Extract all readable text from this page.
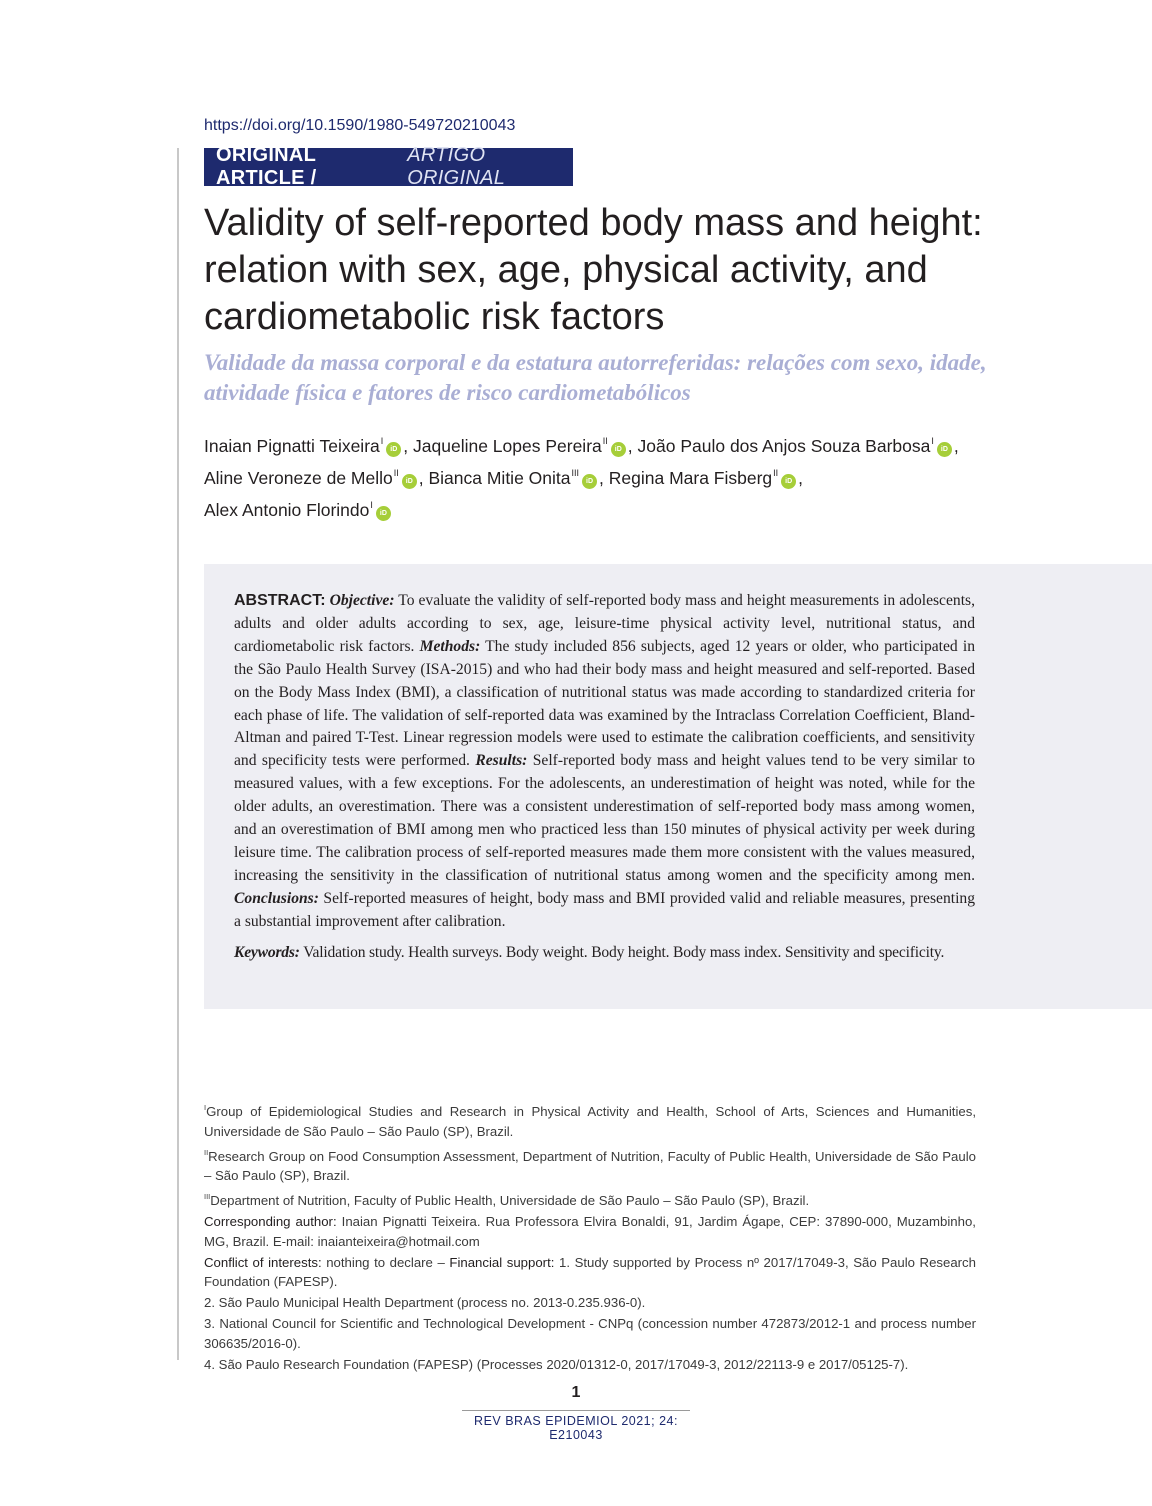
https://doi.org/10.1590/1980-549720210043
ORIGINAL ARTICLE /
ARTIGO ORIGINAL
Validity of self-reported body mass and height: relation with sex, age, physical activity, and cardiometabolic risk factors
Validade da massa corporal e da estatura autorreferidas: relações com sexo, idade, atividade física e fatores de risco cardiometabólicos
Inaian Pignatti Teixeira$^I$iD , Jaqueline Lopes Pereira$^{II}$iD , João Paulo dos Anjos Souza Barbosa$^I$iD ,
Aline Veroneze de Mello$^{II}$iD , Bianca Mitie Onita$^{III}$iD , Regina Mara Fisberg$^{II}$iD , Alex Antonio Florindo$^I$iD

ABSTRACT: Objective: To evaluate the validity of self-reported body mass and height measurements in adolescents, adults and older adults according to sex, age, leisure-time physical activity level, nutritional status, and cardiometabolic risk factors. Methods: The study included 856 subjects, aged 12 years or older, who participated in the São Paulo Health Survey (ISA-2015) and who had their body mass and height measured and self-reported. Based on the Body Mass Index (BMI), a classification of nutritional status was made according to standardized criteria for each phase of life. The validation of self-reported data was examined by the Intraclass Correlation Coefficient, Bland-Altman and paired T-Test. Linear regression models were used to estimate the calibration coefficients, and sensitivity and specificity tests were performed. Results: Self-reported body mass and height values tend to be very similar to measured values, with a few exceptions. For the adolescents, an underestimation of height was noted, while for the older adults, an overestimation. There was a consistent underestimation of self-reported body mass among women, and an overestimation of BMI among men who practiced less than 150 minutes of physical activity per week during leisure time. The calibration process of self-reported measures made them more consistent with the values measured, increasing the sensitivity in the classification of nutritional status among women and the specificity among men. Conclusions: Self-reported measures of height, body mass and BMI provided valid and reliable measures, presenting a substantial improvement after calibration.

Keywords: Validation study. Health surveys. Body weight. Body height. Body mass index. Sensitivity and specificity.

$^I$Group of Epidemiological Studies and Research in Physical Activity and Health, School of Arts, Sciences and Humanities, Universidade de São Paulo – São Paulo (SP), Brazil.

$^{II}$Research Group on Food Consumption Assessment, Department of Nutrition, Faculty of Public Health, Universidade de São Paulo – São Paulo (SP), Brazil.

$^{III}$Department of Nutrition, Faculty of Public Health, Universidade de São Paulo – São Paulo (SP), Brazil.

Corresponding author: Inaian Pignatti Teixeira. Rua Professora Elvira Bonaldi, 91, Jardim Ágape, CEP: 37890-000, Muzambinho, MG, Brazil. E-mail: inaianteixeira@hotmail.com

Conflict of interests: nothing to declare – Financial support: 1. Study supported by Process nº 2017/17049-3, São Paulo Research Foundation (FAPESP).

2. São Paulo Municipal Health Department (process no. 2013-0.235.936-0).

3. National Council for Scientific and Technological Development - CNPq (concession number 472873/2012-1 and process number 306635/2016-0).

4. São Paulo Research Foundation (FAPESP) (Processes 2020/01312-0, 2017/17049-3, 2012/22113-9 e 2017/05125-7).

1
REV BRAS EPIDEMIOL 2021; 24: E210043
